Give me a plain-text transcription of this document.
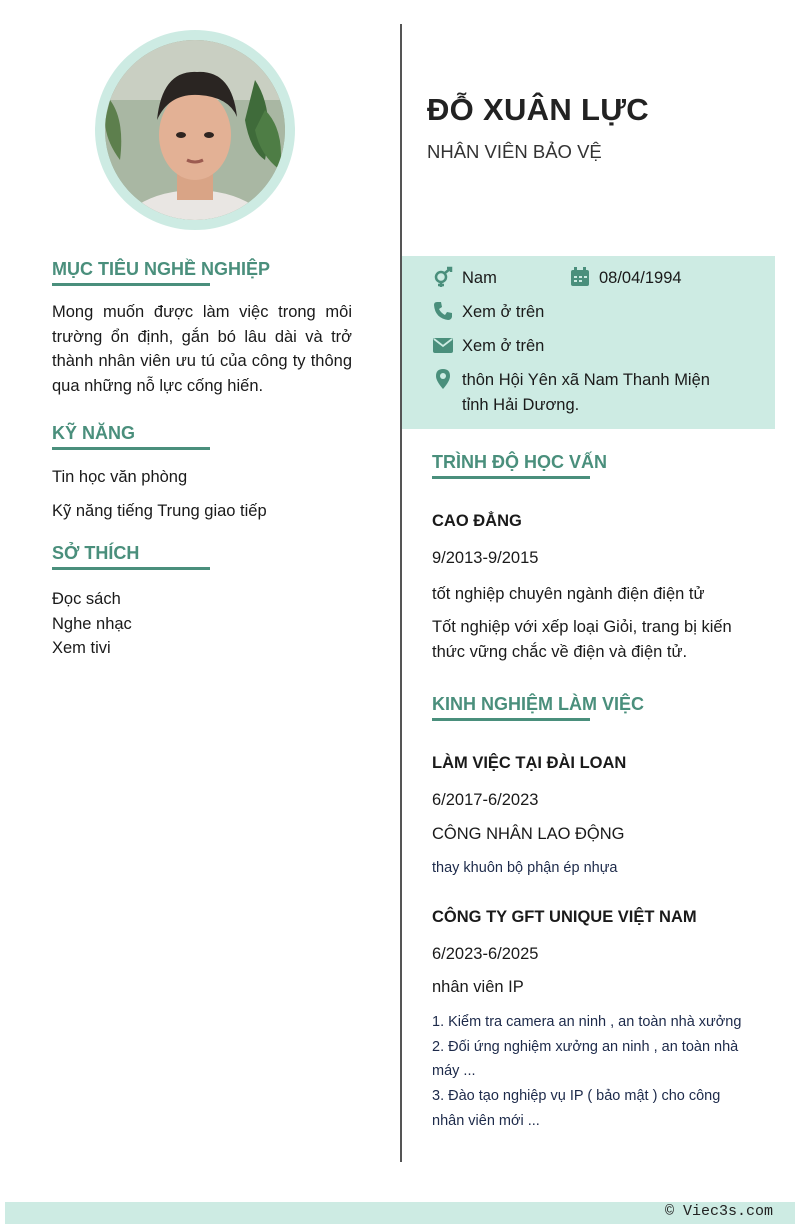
MỤC TIÊU NGHỀ NGHIỆP
Mong muốn được làm việc trong môi trường ổn định, gắn bó lâu dài và trở thành nhân viên ưu tú của công ty thông qua những nỗ lực cống hiến.
KỸ NĂNG
Tin học văn phòng
Kỹ năng tiếng Trung giao tiếp
SỞ THÍCH
Đọc sách
Nghe nhạc
Xem tivi
ĐỖ XUÂN LỰC
NHÂN VIÊN BẢO VỆ
Nam	08/04/1994
Xem ở trên
Xem ở trên
thôn Hội Yên xã Nam Thanh Miện
tỉnh Hải Dương.
TRÌNH ĐỘ HỌC VẤN
CAO ĐẲNG
9/2013-9/2015
tốt nghiệp chuyên ngành điện điện tử
Tốt nghiệp với xếp loại Giỏi, trang bị kiến thức vững chắc về điện và điện tử.
KINH NGHIỆM LÀM VIỆC
LÀM VIỆC TẠI ĐÀI LOAN
6/2017-6/2023
CÔNG NHÂN LAO ĐỘNG
thay khuôn bộ phận ép nhựa
CÔNG TY GFT UNIQUE VIỆT NAM
6/2023-6/2025
nhân viên IP
1. Kiểm tra camera an ninh , an toàn nhà xưởng
2. Đối ứng nghiệm xưởng an ninh , an toàn nhà máy ...
3. Đào tạo nghiệp vụ IP ( bảo mật ) cho công nhân viên mới ...
© Viec3s.com
